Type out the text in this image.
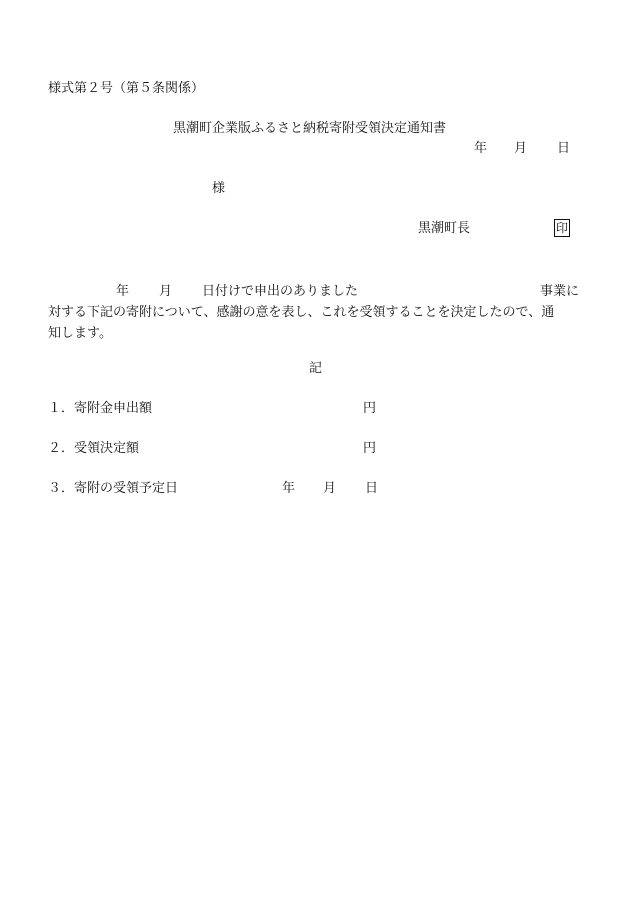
様式第２号（第５条関係）
黒潮町企業版ふるさと納税寄附受領決定通知書
年 月 日
様
黒潮町長	印
年 月 日付けで申出のありました	事業に
対する下記の寄附について、感謝の意を表し、これを受領することを決定したので、通
知します。
記
１．寄附金申出額	円
２．受領決定額	円
３．寄附の受領予定日	年 月 日
